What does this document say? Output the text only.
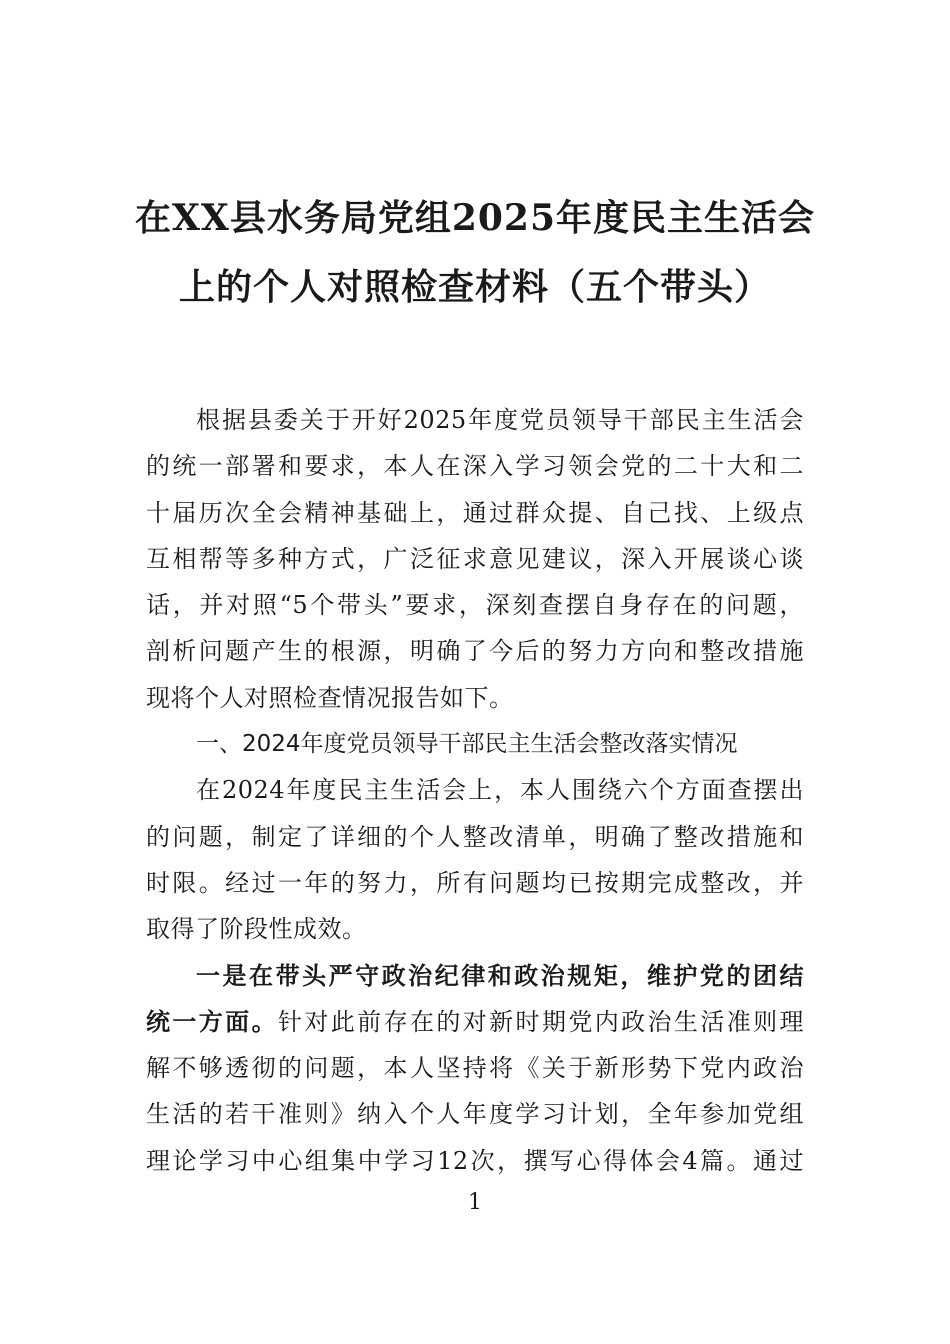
在XX县水务局党组2025年度民主生活会
上的个人对照检查材料（五个带头）
根据县委关于开好2025年度党员领导干部民主生活会
的统一部署和要求，本人在深入学习领会党的二十大和二
十届历次全会精神基础上，通过群众提、自己找、上级点
互相帮等多种方式，广泛征求意见建议，深入开展谈心谈
话，并对照“5个带头”要求，深刻查摆自身存在的问题，
剖析问题产生的根源，明确了今后的努力方向和整改措施
现将个人对照检查情况报告如下。
一、2024年度党员领导干部民主生活会整改落实情况
在2024年度民主生活会上，本人围绕六个方面查摆出
的问题，制定了详细的个人整改清单，明确了整改措施和
时限。经过一年的努力，所有问题均已按期完成整改，并
取得了阶段性成效。
一是在带头严守政治纪律和政治规矩，维护党的团结
统一方面。针对此前存在的对新时期党内政治生活准则理
解不够透彻的问题，本人坚持将《关于新形势下党内政治
生活的若干准则》纳入个人年度学习计划，全年参加党组
理论学习中心组集中学习12次，撰写心得体会4篇。通过
1
